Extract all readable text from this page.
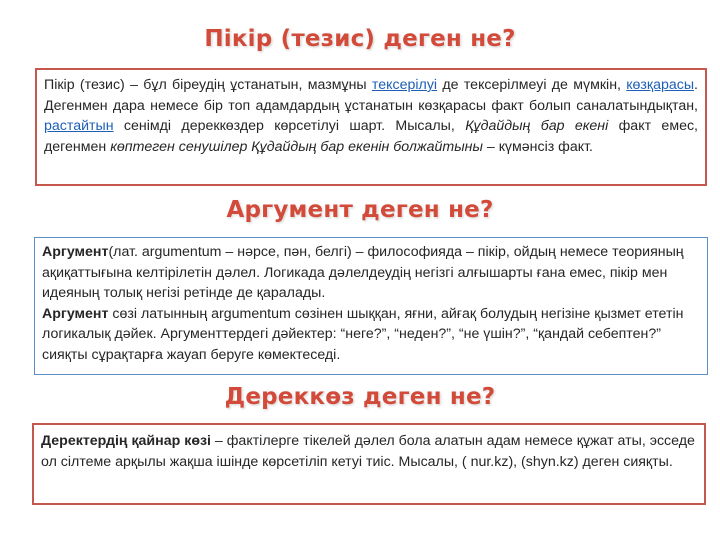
Пікір (тезис) деген не?
Пікір (тезис) – бұл біреудің ұстанатын, мазмұны тексерілуі де тексерілмеуі де мүмкін, көзқарасы. Дегенмен дара немесе бір топ адамдардың ұстанатын көзқарасы факт болып саналатындықтан, растайтын сенімді дереккөздер көрсетілуі шарт. Мысалы, Құдайдың бар екені факт емес, дегенмен көптеген сенушілер Құдайдың бар екенін болжайтыны – күмәнсіз факт.
Аргумент деген не?
Аргумент(лат. argumentum – нәрсе, пән, белгі) – философияда – пікір, ойдың немесе теорияның ақиқаттығына келтірілетін дәлел. Логикада дәлелдеудің негізгі алғышарты ғана емес, пікір мен идеяның толық негізі ретінде де қаралады.
Аргумент сөзі латынның argumentum сөзінен шыққан, яғни, айғақ болудың негізіне қызмет ететін логикалық дәйек. Аргументтердегі дәйектер: “неге?”, “неден?”, “не үшін?”, “қандай себептен?” сияқты сұрақтарға жауап беруге көмектеседі.
Дереккөз деген не?
Деректердің қайнар көзі – фактілерге тікелей дәлел бола алатын адам немесе құжат аты, эсседе ол сілтеме арқылы жақша ішінде көрсетіліп кетуі тиіс. Мысалы, ( nur.kz), (shyn.kz) деген сияқты.
